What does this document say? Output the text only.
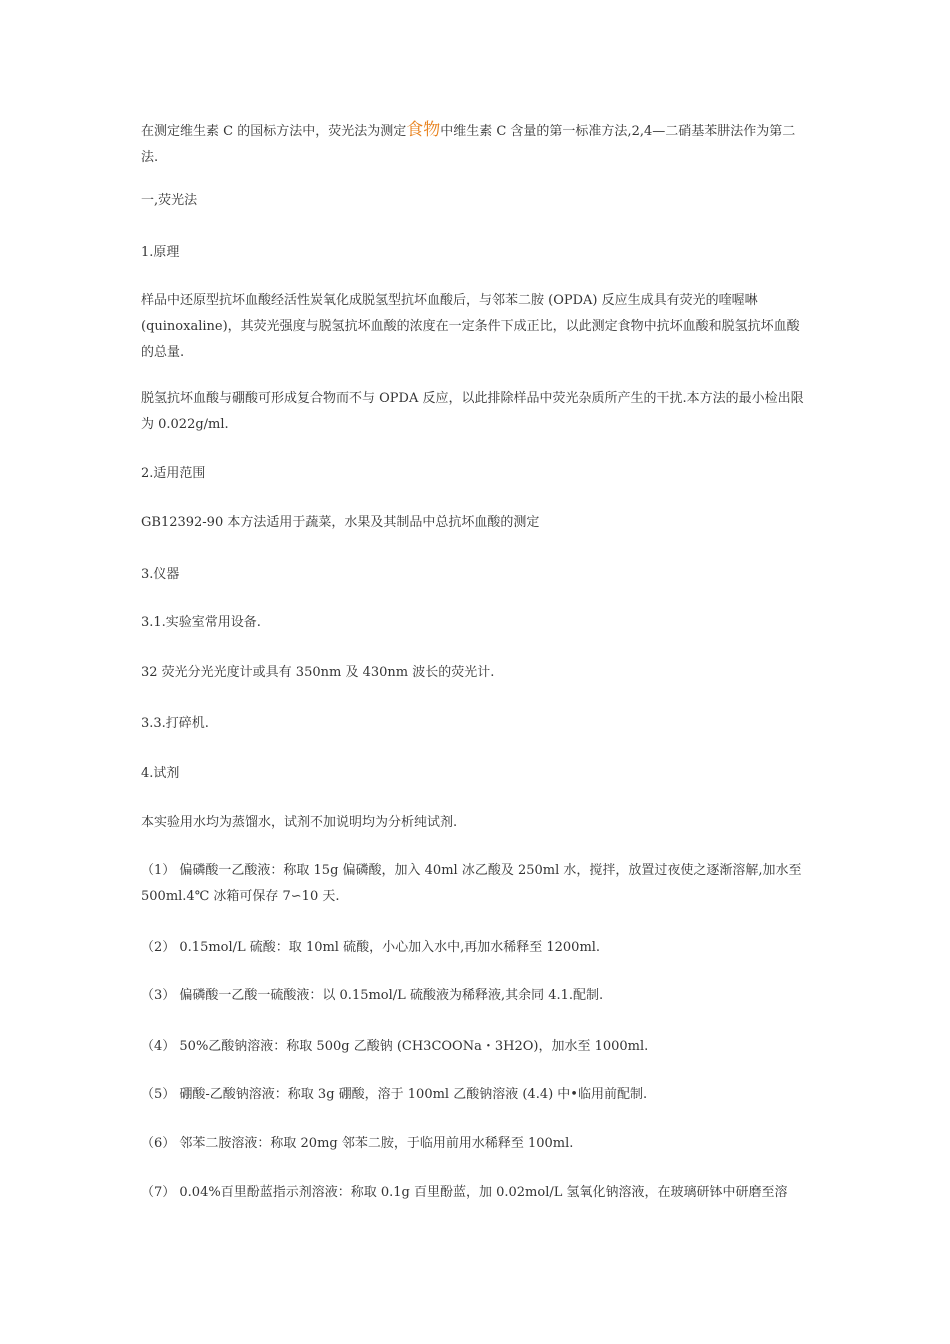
在测定维生素 C 的国标方法中，荧光法为测定食物中维生素 C 含量的第一标准方法,2,4—二硝基苯肼法作为第二法.

一,荧光法

1.原理

样品中还原型抗坏血酸经活性炭氧化成脱氢型抗坏血酸后，与邻苯二胺 (OPDA) 反应生成具有荧光的喹喔啉 (quinoxaline)，其荧光强度与脱氢抗坏血酸的浓度在一定条件下成正比，以此测定食物中抗坏血酸和脱氢抗坏血酸的总量.

脱氢抗坏血酸与硼酸可形成复合物而不与 OPDA 反应，以此排除样品中荧光杂质所产生的干扰.本方法的最小检出限为 0.022g/ml.

2.适用范围

GB12392-90 本方法适用于蔬菜，水果及其制品中总抗坏血酸的测定

3.仪器

3.1.实验室常用设备.

32 荧光分光光度计或具有 350nm 及 430nm 波长的荧光计.

3.3.打碎机.

4.试剂

本实验用水均为蒸馏水，试剂不加说明均为分析纯试剂.

（1） 偏磷酸一乙酸液：称取 15g 偏磷酸，加入 40ml 冰乙酸及 250ml 水，搅拌，放置过夜使之逐渐溶解,加水至 500ml.4℃ 冰箱可保存 7∽10 天.

（2） 0.15mol/L 硫酸：取 10ml 硫酸，小心加入水中,再加水稀释至 1200ml.

（3） 偏磷酸一乙酸一硫酸液：以 0.15mol/L 硫酸液为稀释液,其余同 4.1.配制.

（4） 50%乙酸钠溶液：称取 500g 乙酸钠 (CH3COONa・3H2O)，加水至 1000ml.

（5） 硼酸-乙酸钠溶液：称取 3g 硼酸，溶于 100ml 乙酸钠溶液 (4.4) 中•临用前配制.

（6） 邻苯二胺溶液：称取 20mg 邻苯二胺，于临用前用水稀释至 100ml.

（7） 0.04%百里酚蓝指示剂溶液：称取 0.1g 百里酚蓝，加 0.02mol/L 氢氧化钠溶液，在玻璃研钵中研磨至溶
